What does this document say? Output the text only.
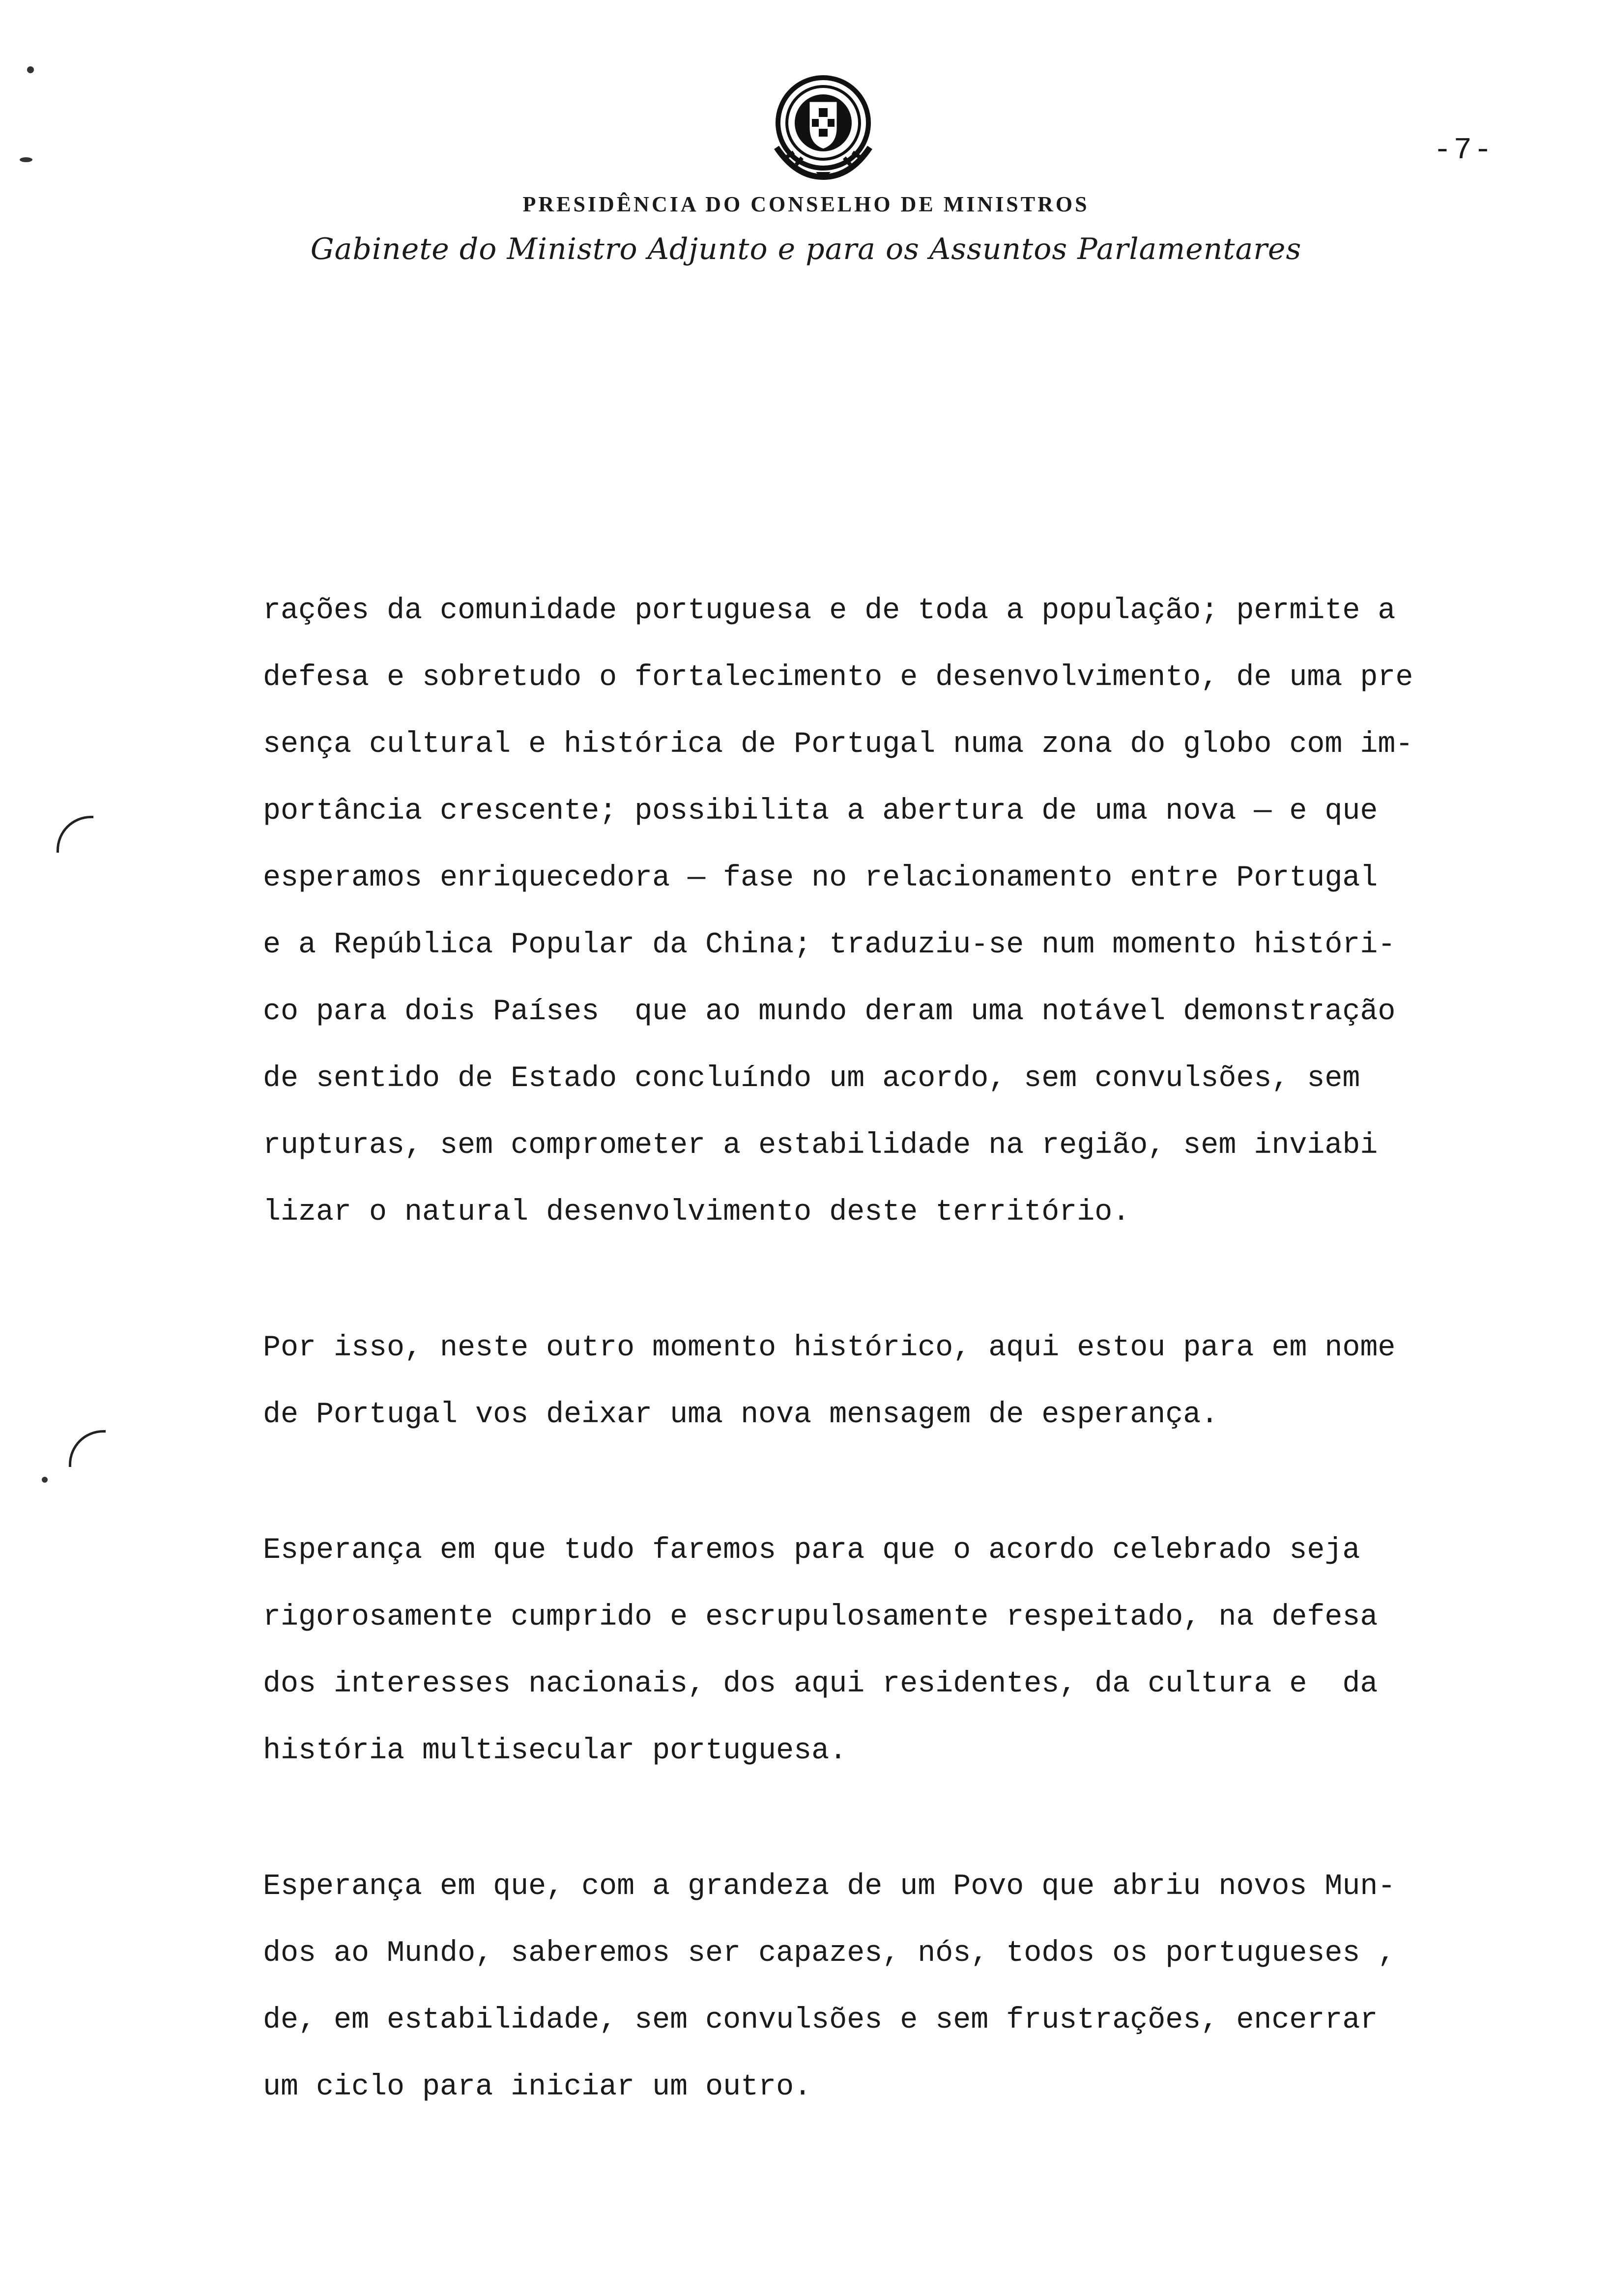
-7-
PRESIDÊNCIA DO CONSELHO DE MINISTROS
Gabinete do Ministro Adjunto e para os Assuntos Parlamentares
rações da comunidade portuguesa e de toda a população; permite a
defesa e sobretudo o fortalecimento e desenvolvimento, de uma pre
sença cultural e histórica de Portugal numa zona do globo com im-
portância crescente; possibilita a abertura de uma nova — e que
esperamos enriquecedora — fase no relacionamento entre Portugal
e a República Popular da China; traduziu-se num momento históri-
co para dois Países  que ao mundo deram uma notável demonstração
de sentido de Estado concluíndo um acordo, sem convulsões, sem
rupturas, sem comprometer a estabilidade na região, sem inviabi
lizar o natural desenvolvimento deste território.
Por isso, neste outro momento histórico, aqui estou para em nome
de Portugal vos deixar uma nova mensagem de esperança.
Esperança em que tudo faremos para que o acordo celebrado seja
rigorosamente cumprido e escrupulosamente respeitado, na defesa
dos interesses nacionais, dos aqui residentes, da cultura e  da
história multisecular portuguesa.
Esperança em que, com a grandeza de um Povo que abriu novos Mun-
dos ao Mundo, saberemos ser capazes, nós, todos os portugueses ,
de, em estabilidade, sem convulsões e sem frustrações, encerrar
um ciclo para iniciar um outro.
